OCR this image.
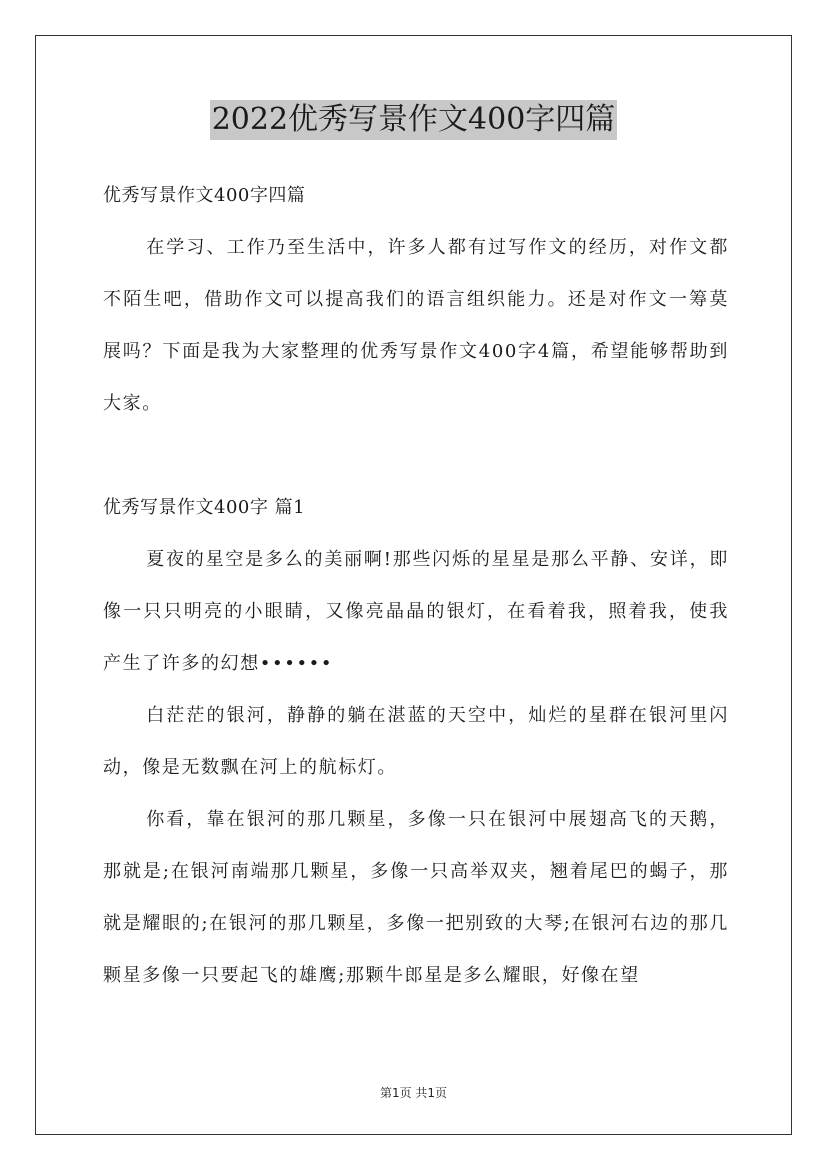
2022优秀写景作文400字四篇

优秀写景作文400字四篇

在学习、工作乃至生活中，许多人都有过写作文的经历，对作文都不陌生吧，借助作文可以提高我们的语言组织能力。还是对作文一筹莫展吗？下面是我为大家整理的优秀写景作文400字4篇，希望能够帮助到大家。

优秀写景作文400字 篇1

夏夜的星空是多么的美丽啊!那些闪烁的星星是那么平静、安详，即像一只只明亮的小眼睛，又像亮晶晶的银灯，在看着我，照着我，使我产生了许多的幻想••••••

白茫茫的银河，静静的躺在湛蓝的天空中，灿烂的星群在银河里闪动，像是无数飘在河上的航标灯。

你看，靠在银河的那几颗星，多像一只在银河中展翅高飞的天鹅，那就是;在银河南端那几颗星，多像一只高举双夹，翘着尾巴的蝎子，那就是耀眼的;在银河的那几颗星，多像一把别致的大琴;在银河右边的那几颗星多像一只要起飞的雄鹰;那颗牛郎星是多么耀眼，好像在望

第1页 共1页
